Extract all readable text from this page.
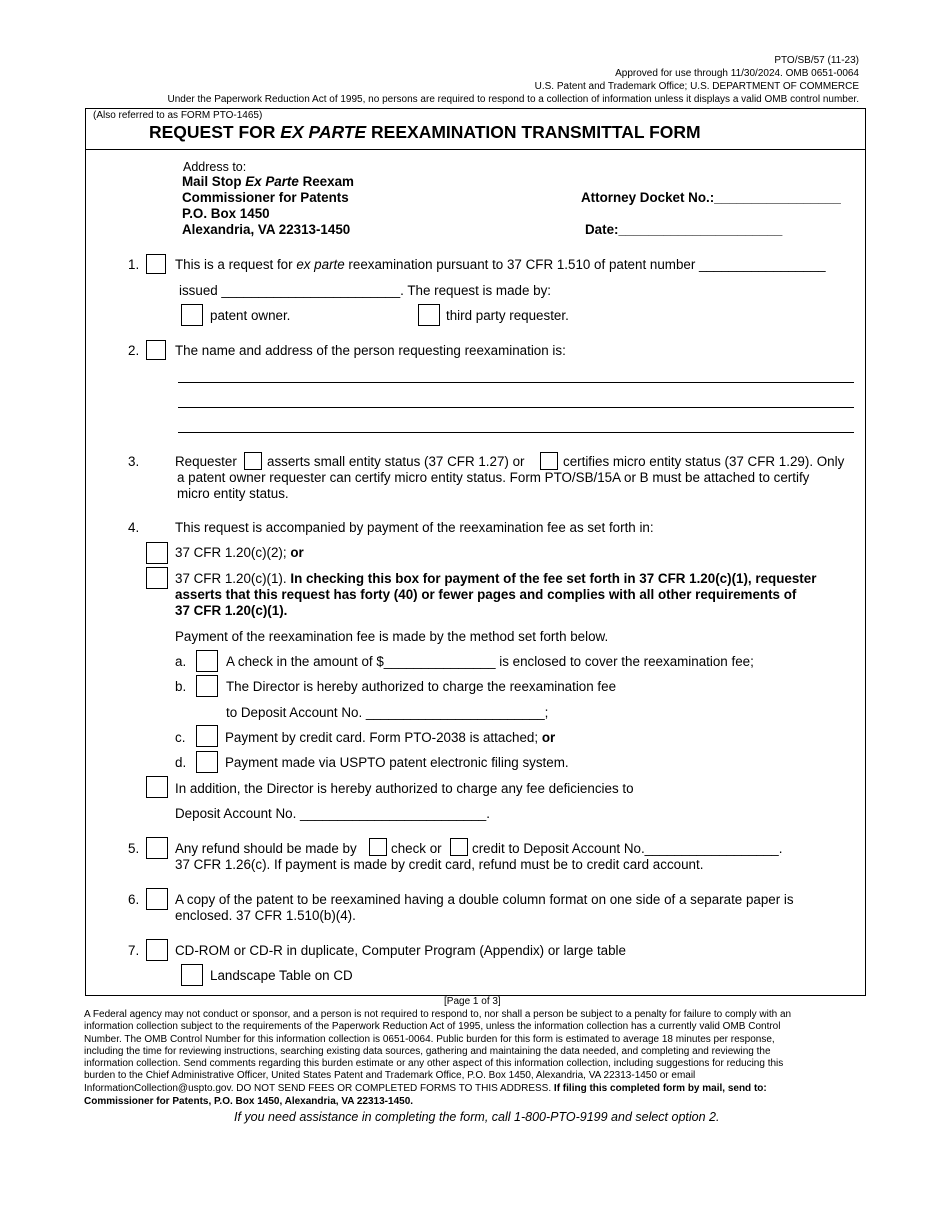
PTO/SB/57 (11-23)
Approved for use through 11/30/2024. OMB 0651-0064
U.S. Patent and Trademark Office; U.S. DEPARTMENT OF COMMERCE
Under the Paperwork Reduction Act of 1995, no persons are required to respond to a collection of information unless it displays a valid OMB control number.
(Also referred to as FORM PTO-1465)
REQUEST FOR EX PARTE REEXAMINATION TRANSMITTAL FORM
Address to:
Mail Stop Ex Parte Reexam
Commissioner for Patents
P.O. Box 1450
Alexandria, VA 22313-1450
Attorney Docket No.:_________________
Date:______________________
1.	This is a request for ex parte reexamination pursuant to 37 CFR 1.510 of patent number _________________
issued ________________________. The request is made by:
patent owner.	third party requester.
2.	The name and address of the person requesting reexamination is:
3.	Requester asserts small entity status (37 CFR 1.27) or	certifies micro entity status (37 CFR 1.29). Only
a patent owner requester can certify micro entity status. Form PTO/SB/15A or B must be attached to certify
micro entity status.
4.	This request is accompanied by payment of the reexamination fee as set forth in:
37 CFR 1.20(c)(2); or
37 CFR 1.20(c)(1). In checking this box for payment of the fee set forth in 37 CFR 1.20(c)(1), requester
asserts that this request has forty (40) or fewer pages and complies with all other requirements of
37 CFR 1.20(c)(1).
Payment of the reexamination fee is made by the method set forth below.
a.	A check in the amount of $_______________ is enclosed to cover the reexamination fee;
b.	The Director is hereby authorized to charge the reexamination fee
to Deposit Account No. ________________________;
c.	Payment by credit card. Form PTO-2038 is attached; or
d.	Payment made via USPTO patent electronic filing system.
In addition, the Director is hereby authorized to charge any fee deficiencies to
Deposit Account No. _________________________.
5.	Any refund should be made by	check or credit to Deposit Account No.__________________.
37 CFR 1.26(c). If payment is made by credit card, refund must be to credit card account.
6.	A copy of the patent to be reexamined having a double column format on one side of a separate paper is
enclosed. 37 CFR 1.510(b)(4).
7.	CD-ROM or CD-R in duplicate, Computer Program (Appendix) or large table
Landscape Table on CD
[Page 1 of 3]
A Federal agency may not conduct or sponsor, and a person is not required to respond to, nor shall a person be subject to a penalty for failure to comply with an
information collection subject to the requirements of the Paperwork Reduction Act of 1995, unless the information collection has a currently valid OMB Control
Number. The OMB Control Number for this information collection is 0651-0064. Public burden for this form is estimated to average 18 minutes per response,
including the time for reviewing instructions, searching existing data sources, gathering and maintaining the data needed, and completing and reviewing the
information collection. Send comments regarding this burden estimate or any other aspect of this information collection, including suggestions for reducing this
burden to the Chief Administrative Officer, United States Patent and Trademark Office, P.O. Box 1450, Alexandria, VA 22313-1450 or email
InformationCollection@uspto.gov. DO NOT SEND FEES OR COMPLETED FORMS TO THIS ADDRESS. If filing this completed form by mail, send to:
Commissioner for Patents, P.O. Box 1450, Alexandria, VA 22313-1450.
If you need assistance in completing the form, call 1-800-PTO-9199 and select option 2.
